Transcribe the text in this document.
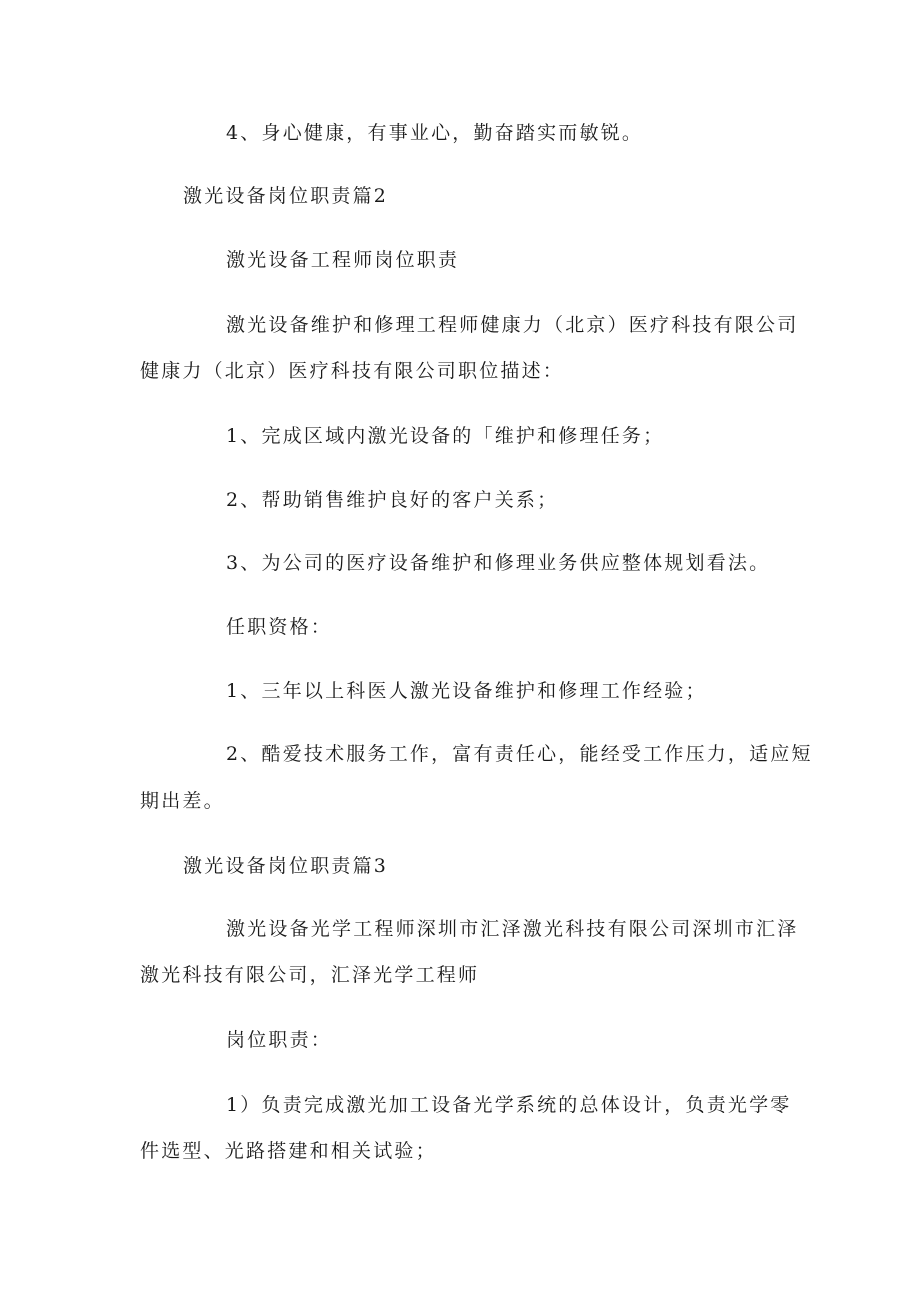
4、身心健康，有事业心，勤奋踏实而敏锐。
激光设备岗位职责篇2
激光设备工程师岗位职责
激光设备维护和修理工程师健康力（北京）医疗科技有限公司
健康力（北京）医疗科技有限公司职位描述：
1、完成区域内激光设备的「维护和修理任务；
2、帮助销售维护良好的客户关系；
3、为公司的医疗设备维护和修理业务供应整体规划看法。
任职资格：
1、三年以上科医人激光设备维护和修理工作经验；
2、酷爱技术服务工作，富有责任心，能经受工作压力，适应短
期出差。
激光设备岗位职责篇3
激光设备光学工程师深圳市汇泽激光科技有限公司深圳市汇泽
激光科技有限公司，汇泽光学工程师
岗位职责：
1）负责完成激光加工设备光学系统的总体设计，负责光学零
件选型、光路搭建和相关试验；
